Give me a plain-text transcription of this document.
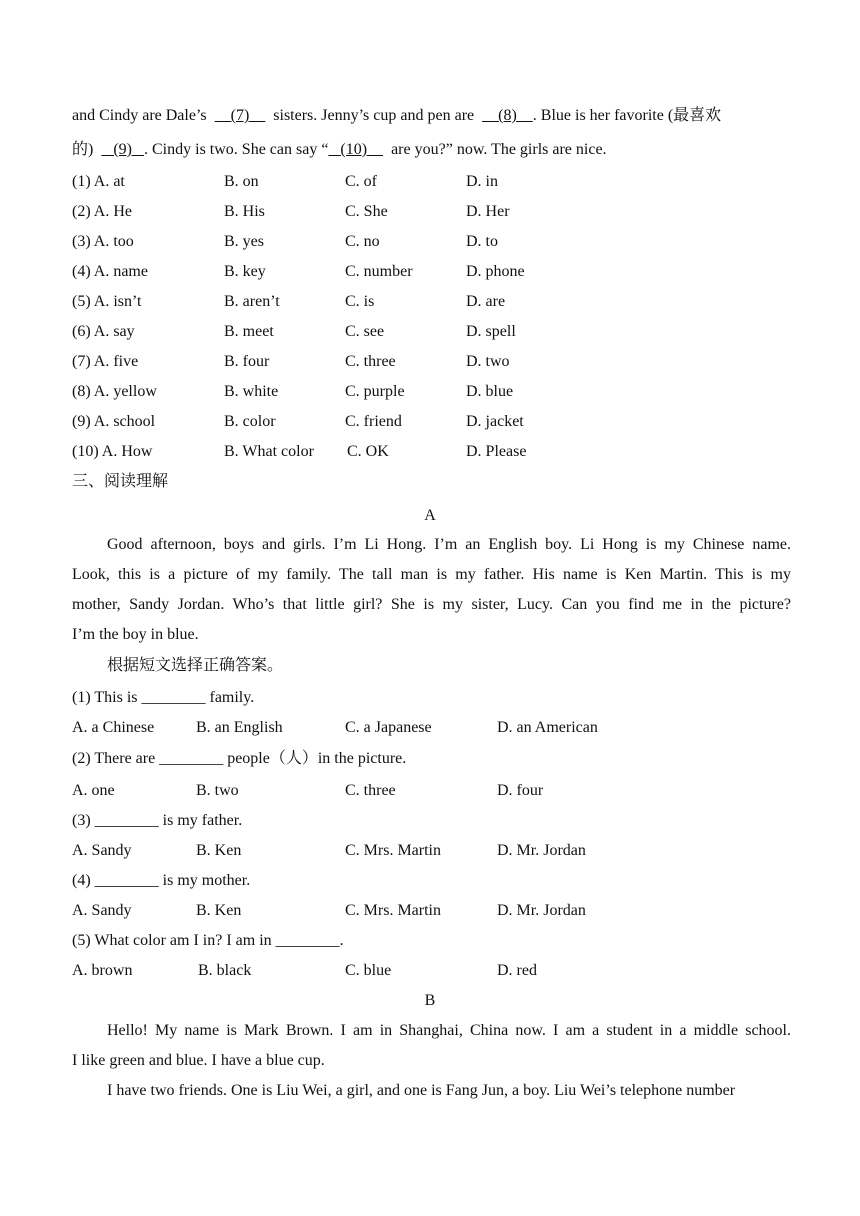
and Cindy are Dale’s (7) sisters. Jenny’s cup and pen are (8) . Blue is her favorite (最喜欢
的) (9) . Cindy is two. She can say “ (10) are you?” now. The girls are nice.
(1) A. at	B. on	C. of	D. in
(2) A. He	B. His	C. She	D. Her
(3) A. too	B. yes	C. no	D. to
(4) A. name	B. key	C. number	D. phone
(5) A. isn’t	B. aren’t	C. is	D. are
(6) A. say	B. meet	C. see	D. spell
(7) A. five	B. four	C. three	D. two
(8) A. yellow	B. white	C. purple	D. blue
(9) A. school	B. color	C. friend	D. jacket
(10) A. How	B. What color C. OK	D. Please
三、阅读理解
A
Good afternoon, boys and girls. I’m Li Hong. I’m an English boy. Li Hong is my Chinese name.
Look, this is a picture of my family. The tall man is my father. His name is Ken Martin. This is my
mother, Sandy Jordan. Who’s that little girl? She is my sister, Lucy. Can you find me in the picture?
I’m the boy in blue.
根据短文选择正确答案。
(1) This is ________ family.
A. a Chinese	B. an English	C. a Japanese	D. an American
(2) There are ________ people（人）in the picture.
A. one	B. two	C. three	D. four
(3) ________ is my father.
A. Sandy	B. Ken	C. Mrs. Martin	D. Mr. Jordan
(4) ________ is my mother.
A. Sandy	B. Ken	C. Mrs. Martin	D. Mr. Jordan
(5) What color am I in? I am in ________.
A. brown	B. black	C. blue	D. red
B
Hello! My name is Mark Brown. I am in Shanghai, China now. I am a student in a middle school.
I like green and blue. I have a blue cup.
I have two friends. One is Liu Wei, a girl, and one is Fang Jun, a boy. Liu Wei’s telephone number
